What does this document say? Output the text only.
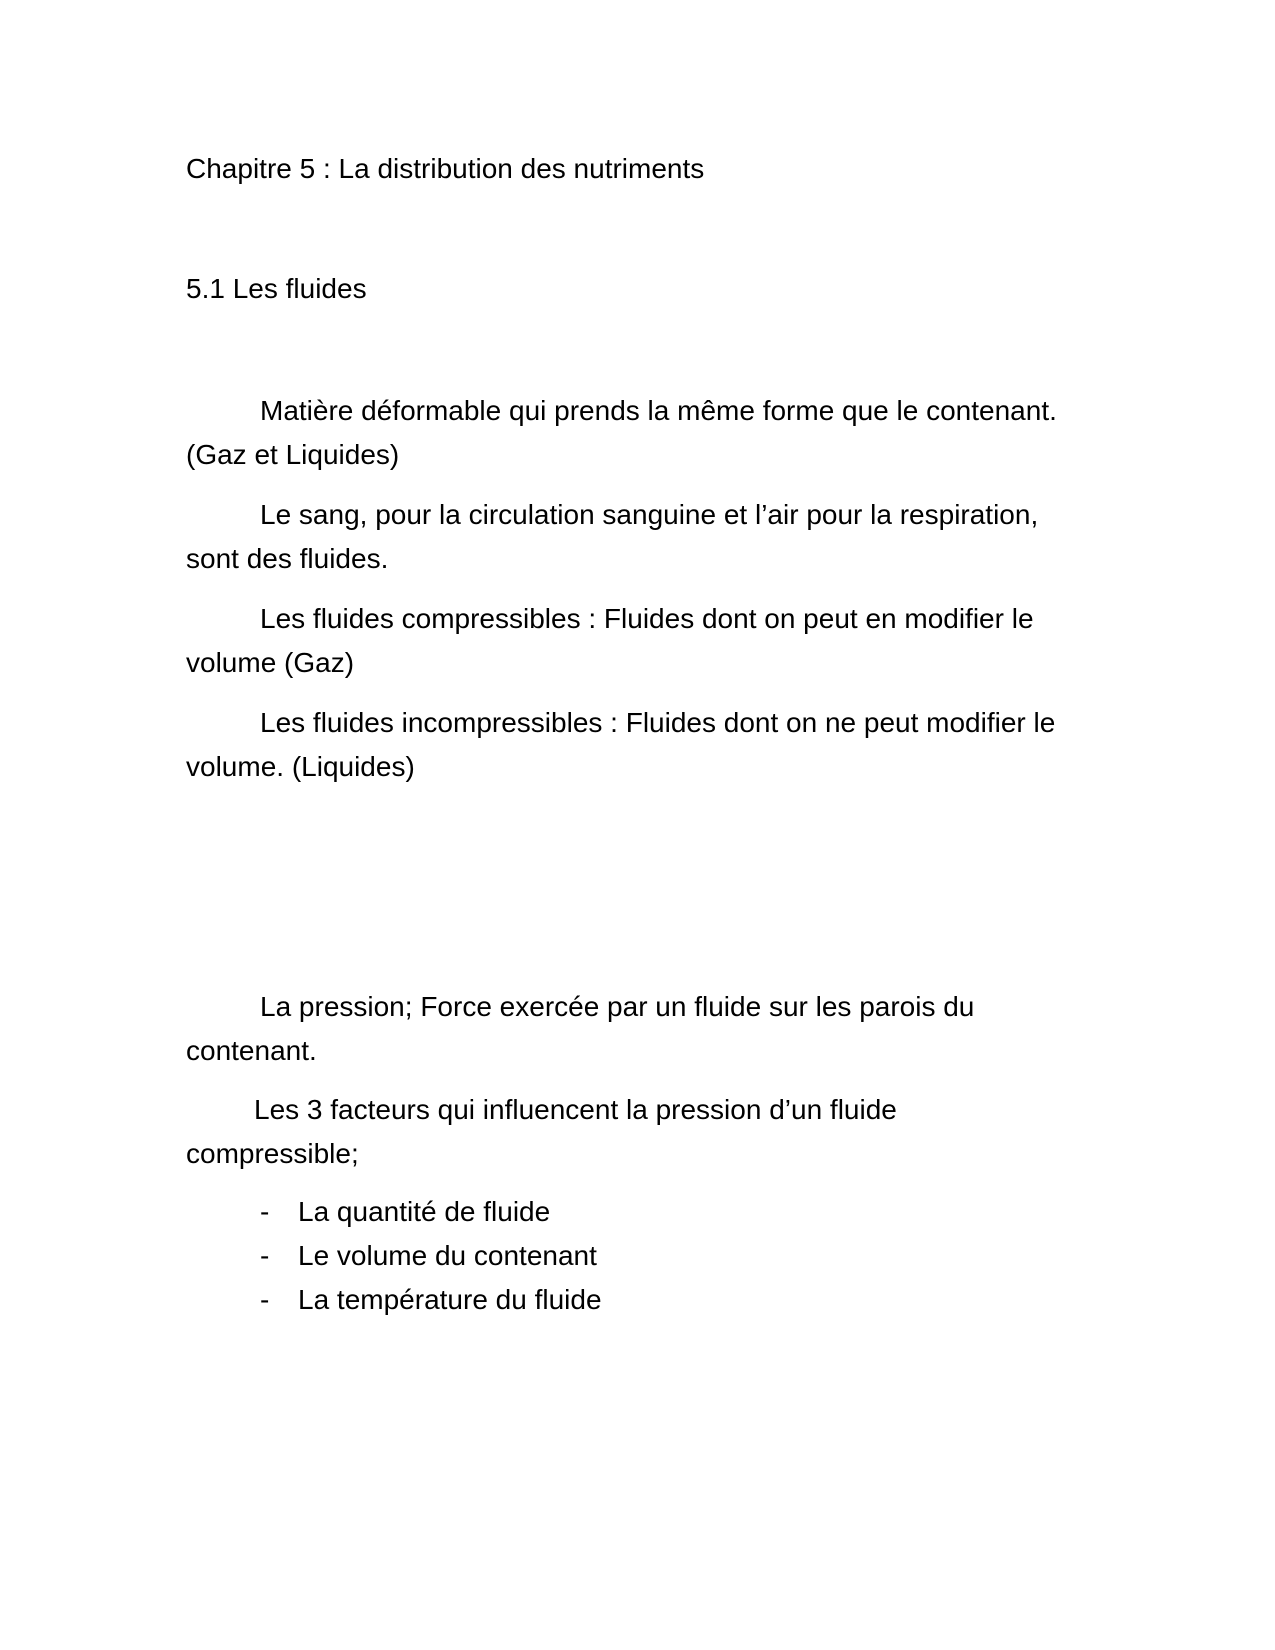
Chapitre 5 : La distribution des nutriments

5.1 Les fluides

Matière déformable qui prends la même forme que le contenant. (Gaz et Liquides)

Le sang, pour la circulation sanguine et l’air pour la respiration, sont des fluides.

Les fluides compressibles : Fluides dont on peut en modifier le volume (Gaz)

Les fluides incompressibles : Fluides dont on ne peut modifier le volume. (Liquides)

La pression; Force exercée par un fluide sur les parois du contenant.

Les 3 facteurs qui influencent la pression d’un fluide compressible;

- La quantité de fluide
- Le volume du contenant
- La température du fluide
